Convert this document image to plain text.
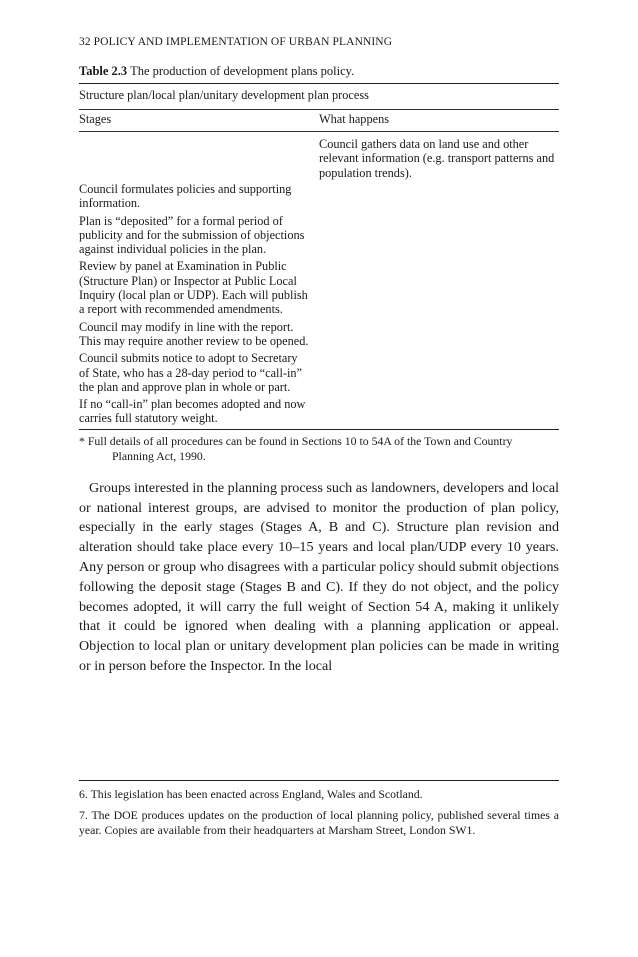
32 POLICY AND IMPLEMENTATION OF URBAN PLANNING
Table 2.3 The production of development plans policy.
Structure plan/local plan/unitary development plan process
Stages	What happens
Council gathers data on land use and other relevant information (e.g. transport patterns and population trends).
Council formulates policies and supporting information.
Plan is “deposited” for a formal period of publicity and for the submission of objections against individual policies in the plan.
Review by panel at Examination in Public (Structure Plan) or Inspector at Public Local Inquiry (local plan or UDP). Each will publish a report with recommended amendments.
Council may modify in line with the report. This may require another review to be opened.
Council submits notice to adopt to Secretary of State, who has a 28-day period to “call-in” the plan and approve plan in whole or part.
If no “call-in” plan becomes adopted and now carries full statutory weight.
* Full details of all procedures can be found in Sections 10 to 54A of the Town and Country
Planning Act, 1990.

Groups interested in the planning process such as landowners, developers and local or national interest groups, are advised to monitor the production of plan policy, especially in the early stages (Stages A, B and C). Structure plan revision and alteration should take place every 10–15 years and local plan/UDP every 10 years. Any person or group who disagrees with a particular policy should submit objections following the deposit stage (Stages B and C). If they do not object, and the policy becomes adopted, it will carry the full weight of Section 54 A, making it unlikely that it could be ignored when dealing with a planning application or appeal. Objection to local plan or unitary development plan policies can be made in writing or in person before the Inspector. In the local

6. This legislation has been enacted across England, Wales and Scotland.
7. The DOE produces updates on the production of local planning policy, published several times a year. Copies are available from their headquarters at Marsham Street, London SW1.
